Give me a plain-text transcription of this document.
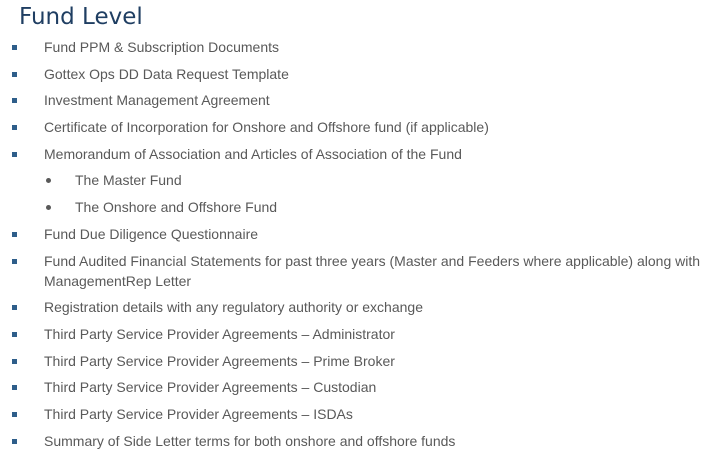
Fund Level
Fund PPM & Subscription Documents
Gottex Ops DD Data Request Template
Investment Management Agreement
Certificate of Incorporation for Onshore and Offshore fund (if applicable)
Memorandum of Association and Articles of Association of the Fund
The Master Fund
The Onshore and Offshore Fund
Fund Due Diligence Questionnaire
Fund Audited Financial Statements for past three years (Master and Feeders where applicable) along with ManagementRep Letter
Registration details with any regulatory authority or exchange
Third Party Service Provider Agreements – Administrator
Third Party Service Provider Agreements – Prime Broker
Third Party Service Provider Agreements – Custodian
Third Party Service Provider Agreements – ISDAs
Summary of Side Letter terms for both onshore and offshore funds
